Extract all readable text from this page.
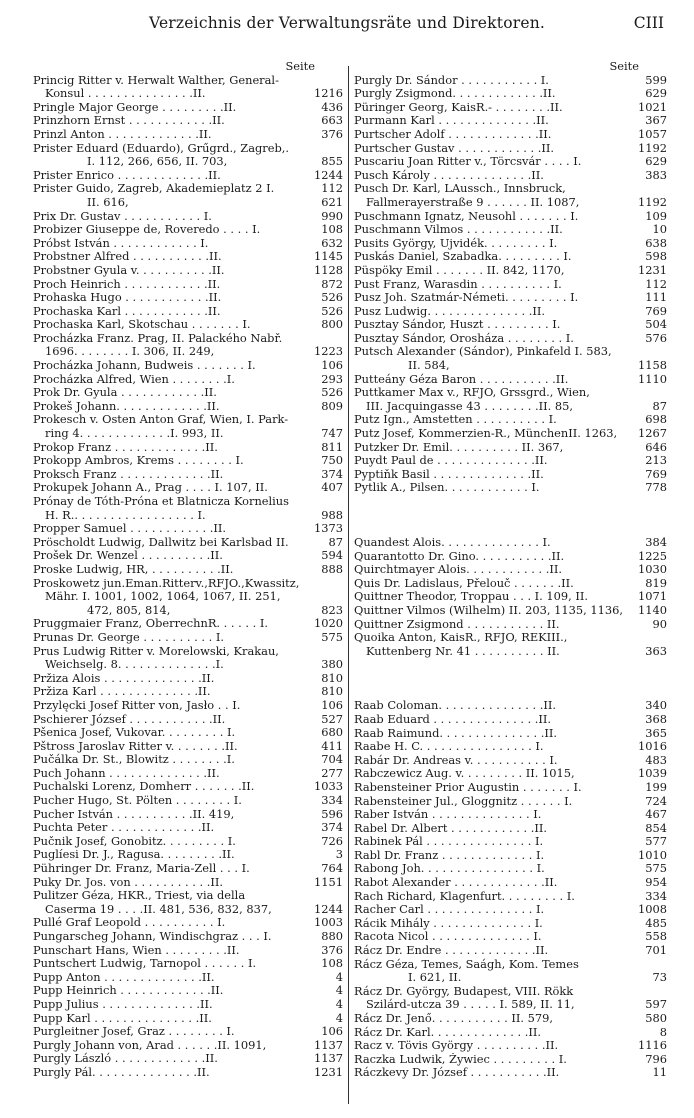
Verzeichnis der Verwaltungsräte und Direktoren.	CIII
Seite
Princig Ritter v. Herwalt Walther, General-
Konsul . . . . . . . . . . . . . . .II.	1216
Pringle Major George . . . . . . . . .II.	436
Prinzhorn Ernst . . . . . . . . . . . .II.	663
Prinzl Anton . . . . . . . . . . . . .II.	376
Prister Eduard (Eduardo), Grűgrd., Zagreb,.
I. 112, 266, 656, II. 703,	855
Prister Enrico . . . . . . . . . . . . .II.	1244
Prister Guido, Zagreb, Akademieplatz 2 I.	112
II. 616,	621
Prix Dr. Gustav . . . . . . . . . . . I.	990
Probizer Giuseppe de, Roveredo . . . . I.	108
Próbst István . . . . . . . . . . . . I.	632
Probstner Alfred . . . . . . . . . . .II.	1145
Probstner Gyula v. . . . . . . . . . .II.	1128
Proch Heinrich . . . . . . . . . . . .II.	872
Prohaska Hugo . . . . . . . . . . . .II.	526
Prochaska Karl . . . . . . . . . . . .II.	526
Prochaska Karl, Skotschau . . . . . . . I.	800
Procházka Franz. Prag, II. Palackého Nabř.
1696. . . . . . . . I. 306, II. 249,	1223
Procházka Johann, Budweis . . . . . . . I.	106
Procházka Alfred, Wien . . . . . . . .I.	293
Prok Dr. Gyula . . . . . . . . . . . .II.	526
Prokeš Johann. . . . . . . . . . . . .II.	809
Prokesch v. Osten Anton Graf, Wien, I. Park-
ring 4. . . . . . . . . . . . .I. 993, II.	747
Prokop Franz . . . . . . . . . . . . .II.	811
Prokopp Ambros, Krems . . . . . . . . I.	750
Proksch Franz . . . . . . . . . . . . .II.	374
Prokupek Johann A., Prag . . . . I. 107, II.	407
Prónay de Tóth-Próna et Blatnicza Kornelius
H. R.. . . . . . . . . . . . . . . . . I.	988
Propper Samuel . . . . . . . . . . . .II.	1373
Pröscholdt Ludwig, Dallwitz bei Karlsbad II.	87
Prošek Dr. Wenzel . . . . . . . . . .II.	594
Proske Ludwig, HR, . . . . . . . . . .II.	888
Proskowetz jun.Eman.Ritterv.,RFJO.,Kwassitz,
Mähr. I. 1001, 1002, 1064, 1067, II. 251,
472, 805, 814,	823
Pruggmaier Franz, OberrechnR. . . . . . I.	1020
Prunas Dr. George . . . . . . . . . . I.	575
Prus Ludwig Ritter v. Morelowski, Krakau,
Weichselg. 8. . . . . . . . . . . . . .I.	380
Pržiza Alois . . . . . . . . . . . . . .II.	810
Pržiza Karl . . . . . . . . . . . . . .II.	810
Przylęcki Josef Ritter von, Jasło . . I.	106
Pschierer József . . . . . . . . . . . .II.	527
Pšenica Josef, Vukovar. . . . . . . . . I.	680
Pštross Jaroslav Ritter v. . . . . . . .II.	411
Pučálka Dr. St., Blowitz . . . . . . . .I.	704
Puch Johann . . . . . . . . . . . . . .II.	277
Puchalski Lorenz, Domherr . . . . . . .II.	1033
Pucher Hugo, St. Pölten . . . . . . . . I.	334
Pucher István . . . . . . . . . . .II. 419,	596
Puchta Peter . . . . . . . . . . . . .II.	374
Pučnik Josef, Gonobitz. . . . . . . . . I.	726
Puglíesi Dr. J., Ragusa. . . . . . . . .II.	3
Pühringer Dr. Franz, Maria-Zell . . . I.	764
Puky Dr. Jos. von . . . . . . . . . . .II.	1151
Pulitzer Géza, HKR., Triest, via della
Caserma 19 . . . .II. 481, 536, 832, 837,	1244
Pullé Graf Leopold . . . . . . . . . . I.	1003
Pungarscheg Johann, Windischgraz . . . I.	880
Punschart Hans, Wien . . . . . . . . .II.	376
Puntschert Ludwig, Tarnopol . . . . . . I.	108
Pupp Anton . . . . . . . . . . . . . .II.	4
Pupp Heinrich . . . . . . . . . . . . .II.	4
Pupp Julius . . . . . . . . . . . . . .II.	4
Pupp Karl . . . . . . . . . . . . . . .II.	4
Purgleitner Josef, Graz . . . . . . . . I.	106
Purgly Johann von, Arad . . . . . .II. 1091,	1137
Purgly László . . . . . . . . . . . . .II.	1137
Purgly Pál. . . . . . . . . . . . . . .II.	1231
Seite
Purgly Dr. Sándor . . . . . . . . . . . I.	599
Purgly Zsigmond. . . . . . . . . . . . .II.	629
Püringer Georg, KaisR.- . . . . . . . .II.	1021
Purmann Karl . . . . . . . . . . . . . .II.	367
Purtscher Adolf . . . . . . . . . . . . .II.	1057
Purtscher Gustav . . . . . . . . . . . .II.	1192
Puscariu Joan Ritter v., Törcsvár . . . . I.	629
Pusch Károly . . . . . . . . . . . . . .II.	383
Pusch Dr. Karl, LAussch., Innsbruck,
Fallmerayerstraße 9 . . . . . . II. 1087,	1192
Puschmann Ignatz, Neusohl . . . . . . . I.	109
Puschmann Vilmos . . . . . . . . . . . .II.	10
Pusits György, Ujvidék. . . . . . . . . I.	638
Puskás Daniel, Szabadka. . . . . . . . . I.	598
Püspöky Emil . . . . . . . II. 842, 1170,	1231
Pust Franz, Warasdin . . . . . . . . . . I.	112
Pusz Joh. Szatmár-Németi. . . . . . . . . I.	111
Pusz Ludwig. . . . . . . . . . . . . . .II.	769
Pusztay Sándor, Huszt . . . . . . . . . I.	504
Pusztay Sándor, Orosháza . . . . . . . . I.	576
Putsch Alexander (Sándor), Pinkafeld I. 583,
II. 584,	1158
Putteány Géza Baron . . . . . . . . . . .II.	1110
Puttkamer Max v., RFJO, Grssgrd., Wien,
III. Jacquingasse 43 . . . . . . . .II. 85,	87
Putz Ign., Amstetten . . . . . . . . . . I.	698
Putz Josef, Kommerzien-R., MünchenII. 1263,	1267
Putzker Dr. Emil. . . . . . . . . . II. 367,	646
Puydt Paul de . . . . . . . . . . . . . .II.	213
Pyptiňk Basil . . . . . . . . . . . . . .II.	769
Pytlik A., Pilsen. . . . . . . . . . . . I.	778
Quandest Alois. . . . . . . . . . . . . . I.	384
Quarantotto Dr. Gino. . . . . . . . . . .II.	1225
Quirchtmayer Alois. . . . . . . . . . . .II.	1030
Quis Dr. Ladislaus, Přelouč . . . . . . .II.	819
Quittner Theodor, Troppau . . . I. 109, II.	1071
Quittner Vilmos (Wilhelm) II. 203, 1135, 1136,	1140
Quittner Zsigmond . . . . . . . . . . . II.	90
Quoika Anton, KaisR., RFJO, REKIII.,
Kuttenberg Nr. 41 . . . . . . . . . . II.	363
Raab Coloman. . . . . . . . . . . . . . .II.	340
Raab Eduard . . . . . . . . . . . . . . .II.	368
Raab Raimund. . . . . . . . . . . . . . .II.	365
Raabe H. C. . . . . . . . . . . . . . . . I.	1016
Rabár Dr. Andreas v. . . . . . . . . . . I.	483
Rabczewicz Aug. v. . . . . . . . . II. 1015,	1039
Rabensteiner Prior Augustin . . . . . . . I.	199
Rabensteiner Jul., Gloggnitz . . . . . . I.	724
Raber István . . . . . . . . . . . . . . I.	467
Rabel Dr. Albert . . . . . . . . . . . .II.	854
Rabinek Pál . . . . . . . . . . . . . . . I.	577
Rabl Dr. Franz . . . . . . . . . . . . . I.	1010
Rabong Joh. . . . . . . . . . . . . . . . I.	575
Rabot Alexander . . . . . . . . . . . . .II.	954
Rach Richard, Klagenfurt. . . . . . . . . I.	334
Racher Carl . . . . . . . . . . . . . . . I.	1008
Rácik Mihály . . . . . . . . . . . . . . I.	485
Racota Nicol . . . . . . . . . . . . . . I.	558
Rácz Dr. Endre . . . . . . . . . . . . .II.	701
Rácz Géza, Temes, Saágh, Kom. Temes
I. 621, II.	73
Rácz Dr. György, Budapest, VIII. Rökk
Szilárd-utcza 39 . . . . . I. 589, II. 11,	597
Rácz Dr. Jenő. . . . . . . . . . . II. 579,	580
Rácz Dr. Karl. . . . . . . . . . . . . .II.	8
Racz v. Tövis György . . . . . . . . . .II.	1116
Raczka Ludwik, Żywiec . . . . . . . . . I.	796
Ráczkevy Dr. József . . . . . . . . . . .II.	11
